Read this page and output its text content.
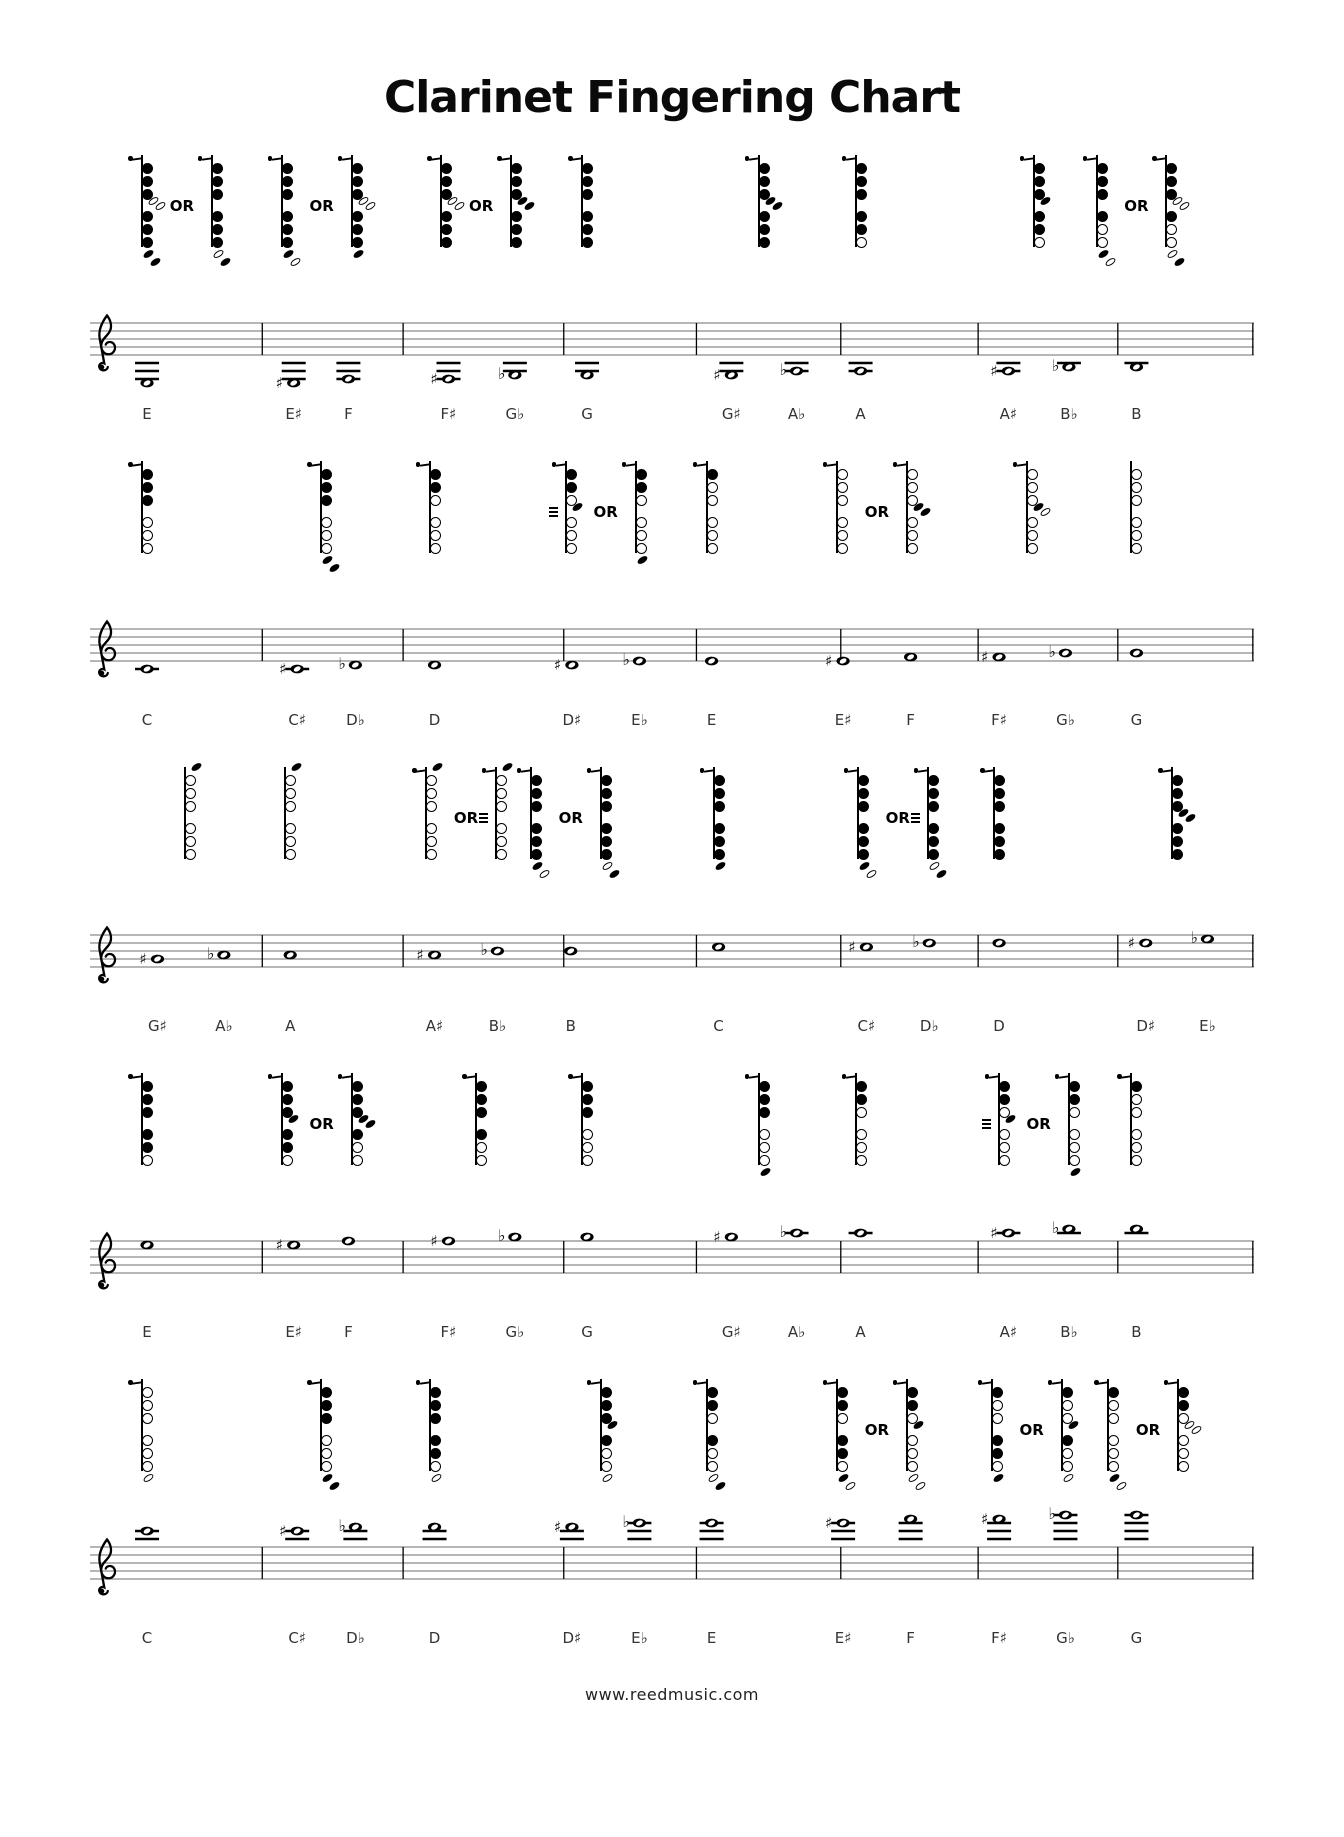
Clarinet Fingering Chart
OR	OR	OR	OR
♯	♯	♭	♯	♭	♯	♭
E	E♯	F	F♯	G♭	G	G♯	A♭	A	A♯	B♭	B
OR	OR
♯	♭	♯	♭	♯	♯	♭
C	C♯	D♭	D	D♯	E♭	E	E♯	F	F♯	G♭	G
OR	OR	OR
♯	♭	♯	♭	♯	♭	♯	♭
G♯	A♭	A	A♯	B♭	B	C	C♯	D♭	D	D♯	E♭
OR	OR
♯	♯	♭	♯	♭	♯	♭
E	E♯	F	F♯	G♭	G	G♯	A♭	A	A♯	B♭	B
OR	OR	OR
♯	♭	♯	♭	♯	♯	♭
C	C♯	D♭	D	D♯	E♭	E	E♯	F	F♯	G♭	G
www.reedmusic.com
